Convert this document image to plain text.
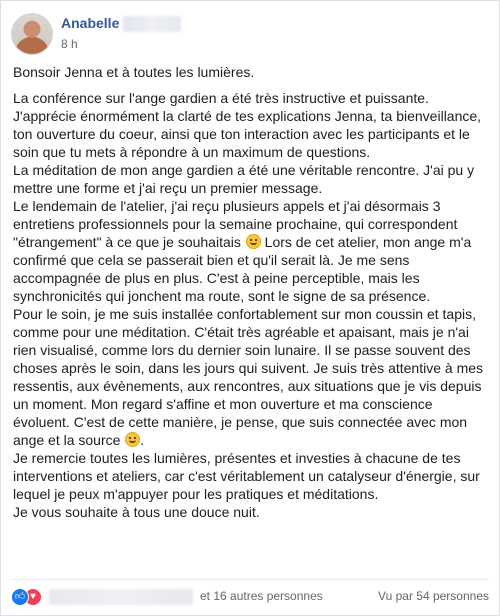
Anabelle
8 h

Bonsoir Jenna et à toutes les lumières.

La conférence sur l'ange gardien a été très instructive et puissante.

J'apprécie énormément la clarté de tes explications Jenna, ta bienveillance, ton ouverture du coeur, ainsi que ton interaction avec les participants et le soin que tu mets à répondre à un maximum de questions.

La méditation de mon ange gardien a été une véritable rencontre. J'ai pu y mettre une forme et j'ai reçu un premier message.

Le lendemain de l'atelier, j'ai reçu plusieurs appels et j'ai désormais 3 entretiens professionnels pour la semaine prochaine, qui correspondent "étrangement" à ce que je souhaitais  Lors de cet atelier, mon ange m'a confirmé que cela se passerait bien et qu'il serait là. Je me sens accompagnée de plus en plus. C'est à peine perceptible, mais les synchronicités qui jonchent ma route, sont le signe de sa présence.

Pour le soin, je me suis installée confortablement sur mon coussin et tapis, comme pour une méditation. C'était très agréable et apaisant, mais je n'ai rien visualisé, comme lors du dernier soin lunaire. Il se passe souvent des choses après le soin, dans les jours qui suivent. Je suis très attentive à mes ressentis, aux évènements, aux rencontres, aux situations que je vis depuis un moment. Mon regard s'affine et mon ouverture et ma conscience évoluent. C'est de cette manière, je pense, que suis connectée avec mon ange et la source .

Je remercie toutes les lumières, présentes et investies à chacune de tes interventions et ateliers, car c'est véritablement un catalyseur d'énergie, sur lequel je peux m'appuyer pour les pratiques et méditations.

Je vous souhaite à tous une douce nuit.

👍︎ ♥	et 16 autres personnes	Vu par 54 personnes
